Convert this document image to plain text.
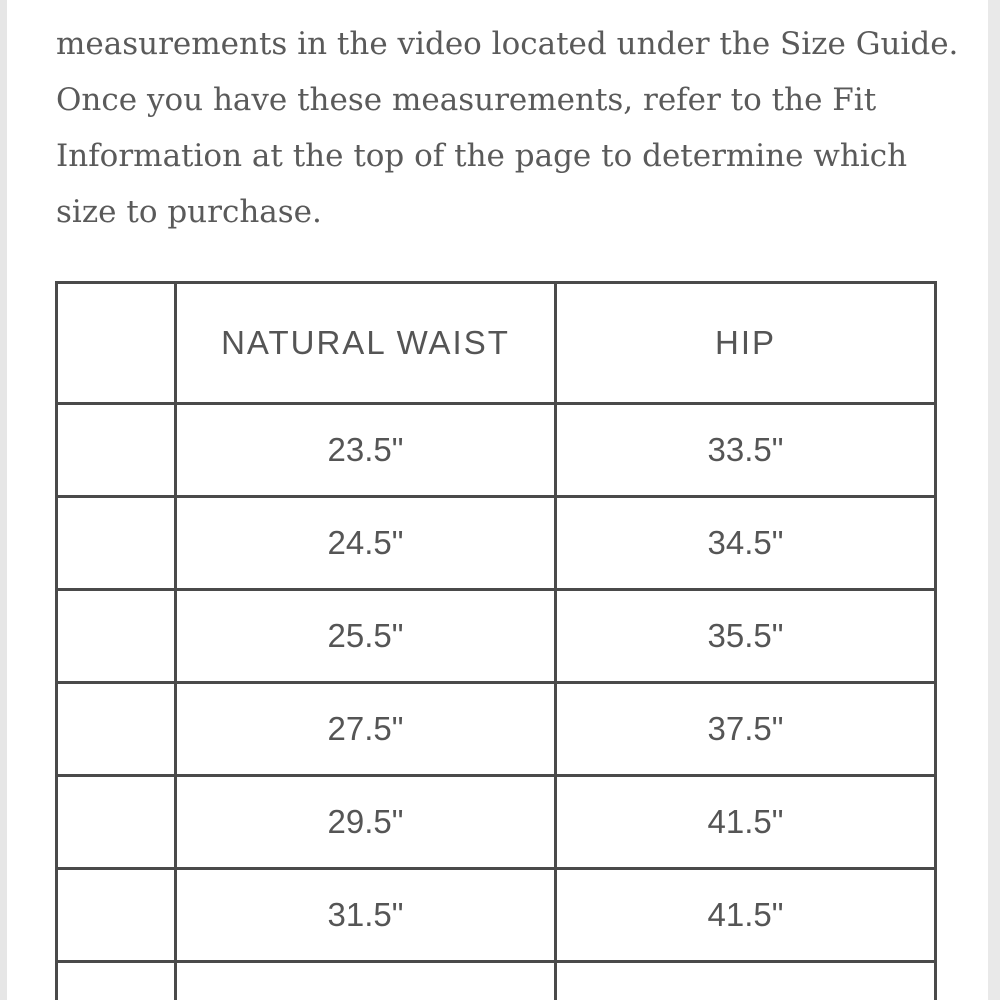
measurements in the video located under the Size Guide.
Once you have these measurements, refer to the Fit
Information at the top of the page to determine which
size to purchase.
	NATURAL WAIST	HIP
	23.5"	33.5"
	24.5"	34.5"
	25.5"	35.5"
	27.5"	37.5"
	29.5"	41.5"
	31.5"	41.5"
